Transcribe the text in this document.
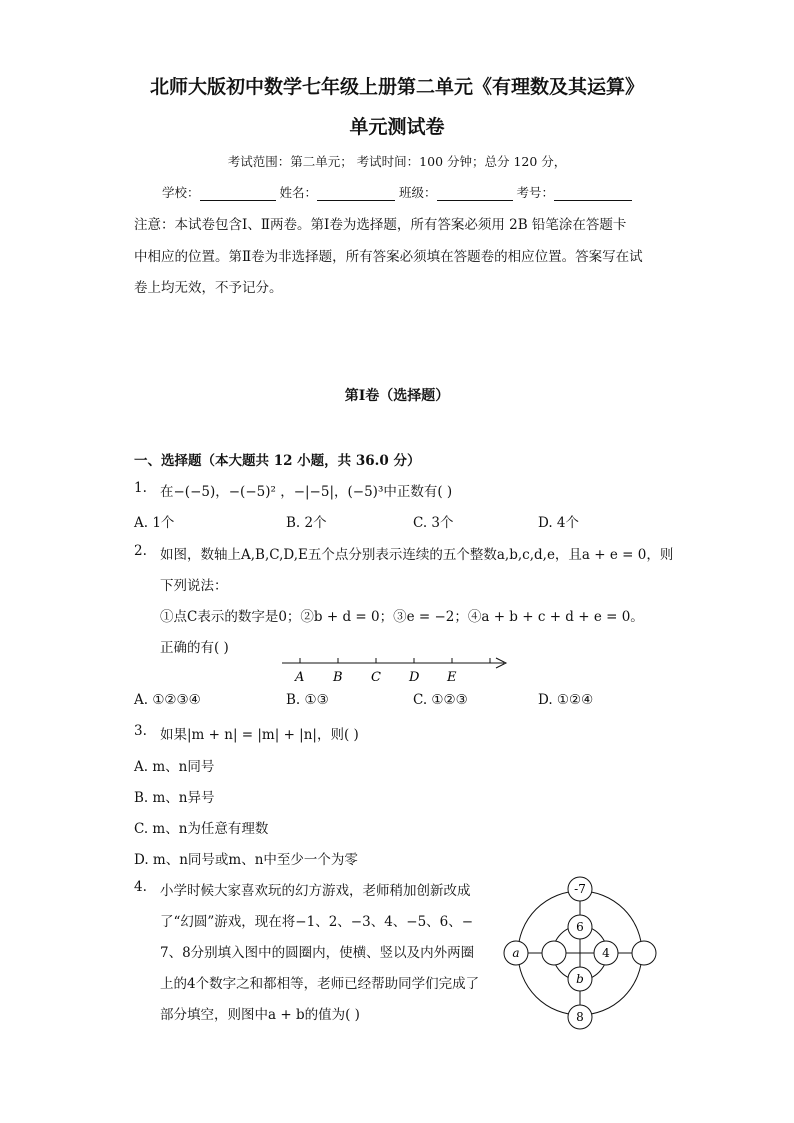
北师大版初中数学七年级上册第二单元《有理数及其运算》
单元测试卷
考试范围：第二单元； 考试时间：100 分钟；总分 120 分，
学校：	姓名：	班级：	考号：
注意：本试卷包含Ⅰ、Ⅱ两卷。第Ⅰ卷为选择题，所有答案必须用 2B 铅笔涂在答题卡
中相应的位置。第Ⅱ卷为非选择题，所有答案必须填在答题卷的相应位置。答案写在试
卷上均无效，不予记分。
第Ⅰ卷（选择题）
一、选择题（本大题共 12 小题，共 36.0 分）
1. 在−(−5)，−(−5)² ，−|−5|，(−5)³中正数有( )
A. 1个	B. 2个	C. 3个	D. 4个
2. 如图，数轴上A,B,C,D,E五个点分别表示连续的五个整数a,b,c,d,e，且a + e = 0，则
下列说法：
①点C表示的数字是0；②b + d = 0；③e = −2；④a + b + c + d + e = 0。
正确的有( )
A B C D E
A. ①②③④	B. ①③	C. ①②③	D. ①②④
3. 如果|m + n| = |m| + |n|，则( )
A. m、n同号
B. m、n异号
C. m、n为任意有理数
D. m、n同号或m、n中至少一个为零
4. 小学时候大家喜欢玩的幻方游戏，老师稍加创新改成
了“幻圆”游戏，现在将−1、2、−3、4、−5、6、−
7、8分别填入图中的圆圈内，使横、竖以及内外两圈
上的4个数字之和都相等，老师已经帮助同学们完成了
部分填空，则图中a + b的值为( )
-7
8
a
6
4
b
